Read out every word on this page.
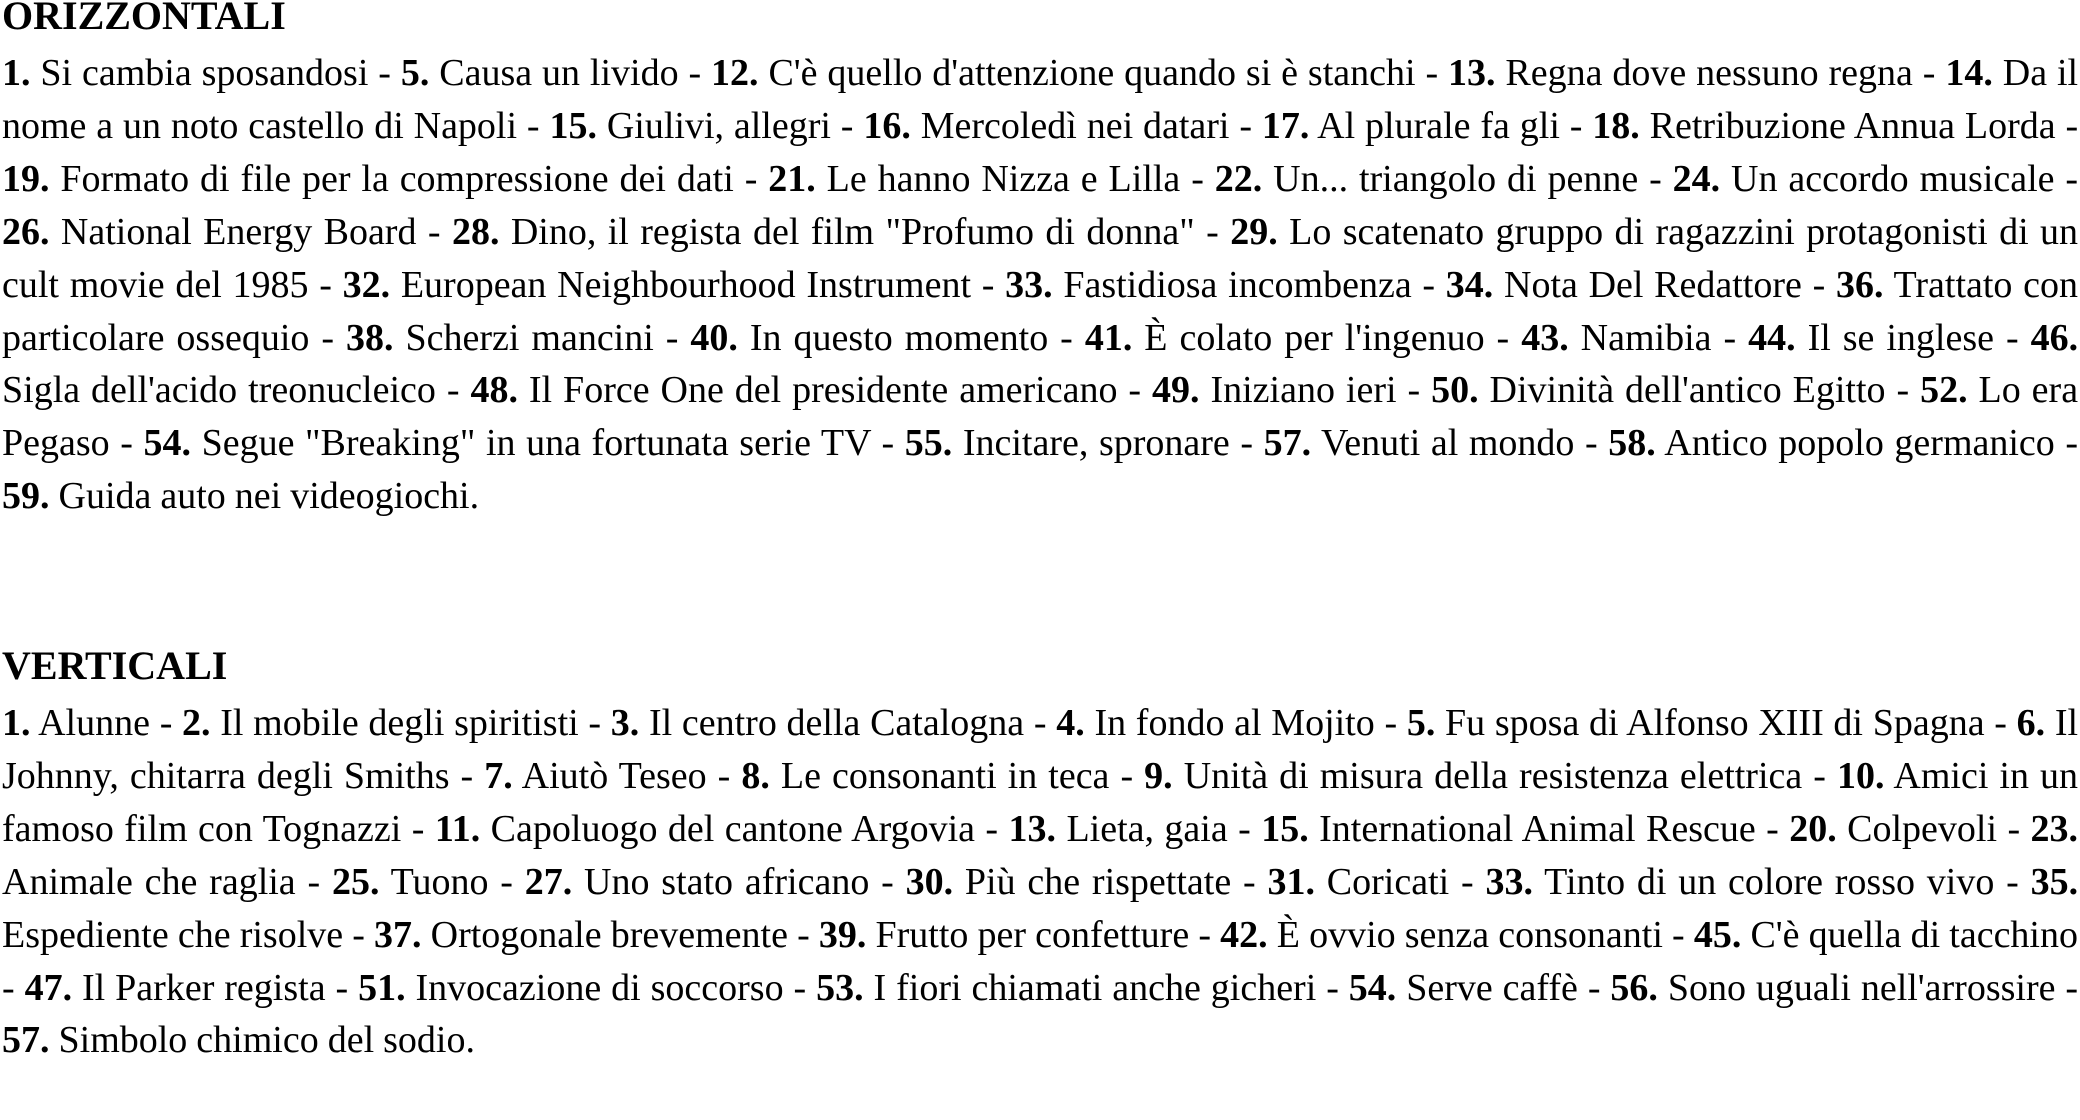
ORIZZONTALI

1. Si cambia sposandosi - 5. Causa un livido - 12. C'è quello d'attenzione quando si è stanchi - 13. Regna dove nessuno regna - 14. Da il nome a un noto castello di Napoli - 15. Giulivi, allegri - 16. Mercoledì nei datari - 17. Al plurale fa gli - 18. Retribuzione Annua Lorda - 19. Formato di file per la compressione dei dati - 21. Le hanno Nizza e Lilla - 22. Un... triangolo di penne - 24. Un accordo musicale - 26. National Energy Board - 28. Dino, il regista del film "Profumo di donna" - 29. Lo scatenato gruppo di ragazzini protagonisti di un cult movie del 1985 - 32. European Neighbourhood Instrument - 33. Fastidiosa incombenza - 34. Nota Del Redattore - 36. Trattato con particolare ossequio - 38. Scherzi mancini - 40. In questo momento - 41. È colato per l'ingenuo - 43. Namibia - 44. Il se inglese - 46. Sigla dell'acido treonucleico - 48. Il Force One del presidente americano - 49. Iniziano ieri - 50. Divinità dell'antico Egitto - 52. Lo era Pegaso - 54. Segue "Breaking" in una fortunata serie TV - 55. Incitare, spronare - 57. Venuti al mondo - 58. Antico popolo germanico - 59. Guida auto nei videogiochi.

VERTICALI

1. Alunne - 2. Il mobile degli spiritisti - 3. Il centro della Catalogna - 4. In fondo al Mojito - 5. Fu sposa di Alfonso XIII di Spagna - 6. Il Johnny, chitarra degli Smiths - 7. Aiutò Teseo - 8. Le consonanti in teca - 9. Unità di misura della resistenza elettrica - 10. Amici in un famoso film con Tognazzi - 11. Capoluogo del cantone Argovia - 13. Lieta, gaia - 15. International Animal Rescue - 20. Colpevoli - 23. Animale che raglia - 25. Tuono - 27. Uno stato africano - 30. Più che rispettate - 31. Coricati - 33. Tinto di un colore rosso vivo - 35. Espediente che risolve - 37. Ortogonale brevemente - 39. Frutto per confetture - 42. È ovvio senza consonanti - 45. C'è quella di tacchino - 47. Il Parker regista - 51. Invocazione di soccorso - 53. I fiori chiamati anche gicheri - 54. Serve caffè - 56. Sono uguali nell'arrossire - 57. Simbolo chimico del sodio.
